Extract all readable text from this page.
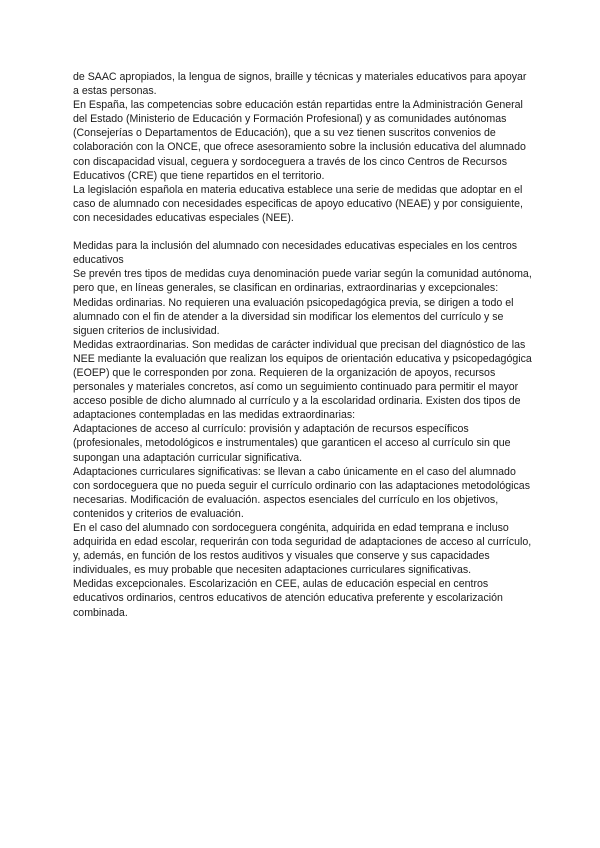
de SAAC apropiados, la lengua de signos, braille y técnicas y materiales educativos para apoyar a estas personas.

En España, las competencias sobre educación están repartidas entre la Administración General del Estado (Ministerio de Educación y Formación Profesional) y as comunidades autónomas (Consejerías o Departamentos de Educación), que a su vez tienen suscritos convenios de colaboración con la ONCE, que ofrece asesoramiento sobre la inclusión educativa del alumnado con discapacidad visual, ceguera y sordoceguera a través de los cinco Centros de Recursos Educativos (CRE) que tiene repartidos en el territorio.

La legislación española en materia educativa establece una serie de medidas que adoptar en el caso de alumnado con necesidades especificas de apoyo educativo (NEAE) y por consiguiente, con necesidades educativas especiales (NEE).

Medidas para la inclusión del alumnado con necesidades educativas especiales en los centros educativos

Se prevén tres tipos de medidas cuya denominación puede variar según la comunidad autónoma, pero que, en líneas generales, se clasifican en ordinarias, extraordinarias y excepcionales:

Medidas ordinarias. No requieren una evaluación psicopedagógica previa, se dirigen a todo el alumnado con el fin de atender a la diversidad sin modificar los elementos del currículo y se siguen criterios de inclusividad.

Medidas extraordinarias. Son medidas de carácter individual que precisan del diagnóstico de las NEE mediante la evaluación que realizan los equipos de orientación educativa y psicopedagógica (EOEP) que le corresponden por zona. Requieren de la organización de apoyos, recursos personales y materiales concretos, así como un seguimiento continuado para permitir el mayor acceso posible de dicho alumnado al currículo y a la escolaridad ordinaria. Existen dos tipos de adaptaciones contempladas en las medidas extraordinarias:

Adaptaciones de acceso al currículo: provisión y adaptación de recursos específicos (profesionales, metodológicos e instrumentales) que garanticen el acceso al currículo sin que supongan una adaptación curricular significativa.

Adaptaciones curriculares significativas: se llevan a cabo únicamente en el caso del alumnado con sordoceguera que no pueda seguir el currículo ordinario con las adaptaciones metodológicas necesarias. Modificación de evaluación. aspectos esenciales del currículo en los objetivos, contenidos y criterios de evaluación.

En el caso del alumnado con sordoceguera congénita, adquirida en edad temprana e incluso adquirida en edad escolar, requerirán con toda seguridad de adaptaciones de acceso al currículo, y, además, en función de los restos auditivos y visuales que conserve y sus capacidades individuales, es muy probable que necesiten adaptaciones curriculares significativas.

Medidas excepcionales. Escolarización en CEE, aulas de educación especial en centros educativos ordinarios, centros educativos de atención educativa preferente y escolarización combinada.
